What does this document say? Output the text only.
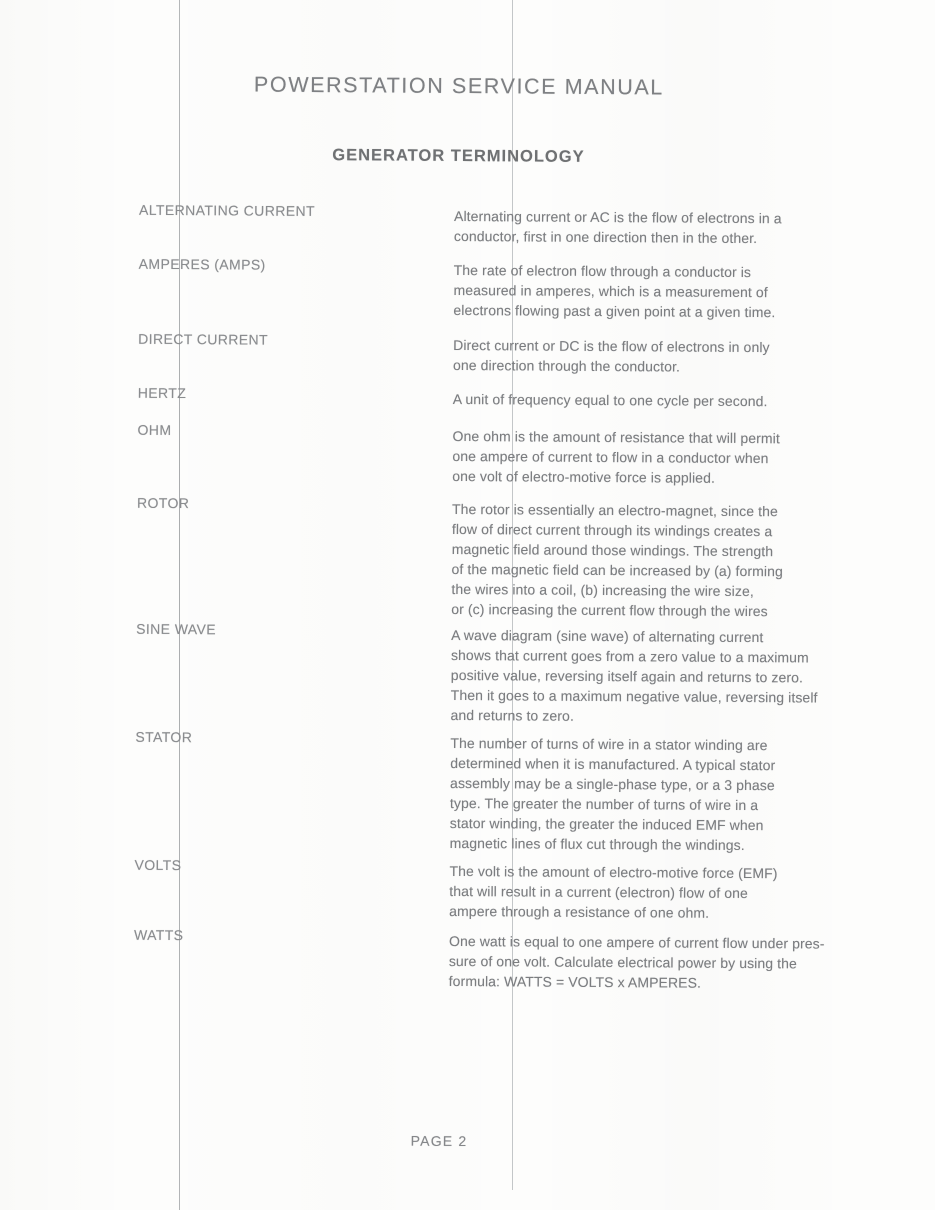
POWERSTATION SERVICE MANUAL
GENERATOR TERMINOLOGY
ALTERNATING CURRENT	Alternating current or AC is the flow of electrons in a
conductor, first in one direction then in the other.
AMPERES (AMPS)	The rate of electron flow through a conductor is
measured in amperes, which is a measurement of
electrons flowing past a given point at a given time.
DIRECT CURRENT	Direct current or DC is the flow of electrons in only
one direction through the conductor.
HERTZ	A unit of frequency equal to one cycle per second.
OHM	One ohm is the amount of resistance that will permit
one ampere of current to flow in a conductor when
one volt of electro-motive force is applied.
ROTOR	The rotor is essentially an electro-magnet, since the
flow of direct current through its windings creates a
magnetic field around those windings. The strength
of the magnetic field can be increased by (a) forming
the wires into a coil, (b) increasing the wire size,
or (c) increasing the current flow through the wires
SINE WAVE	A wave diagram (sine wave) of alternating current
shows that current goes from a zero value to a maximum
positive value, reversing itself again and returns to zero.
Then it goes to a maximum negative value, reversing itself
and returns to zero.
STATOR	The number of turns of wire in a stator winding are
determined when it is manufactured. A typical stator
assembly may be a single-phase type, or a 3 phase
type. The greater the number of turns of wire in a
stator winding, the greater the induced EMF when
magnetic lines of flux cut through the windings.
VOLTS	The volt is the amount of electro-motive force (EMF)
that will result in a current (electron) flow of one
ampere through a resistance of one ohm.
WATTS	One watt is equal to one ampere of current flow under pres-
sure of one volt. Calculate electrical power by using the
formula: WATTS = VOLTS x AMPERES.
PAGE 2
